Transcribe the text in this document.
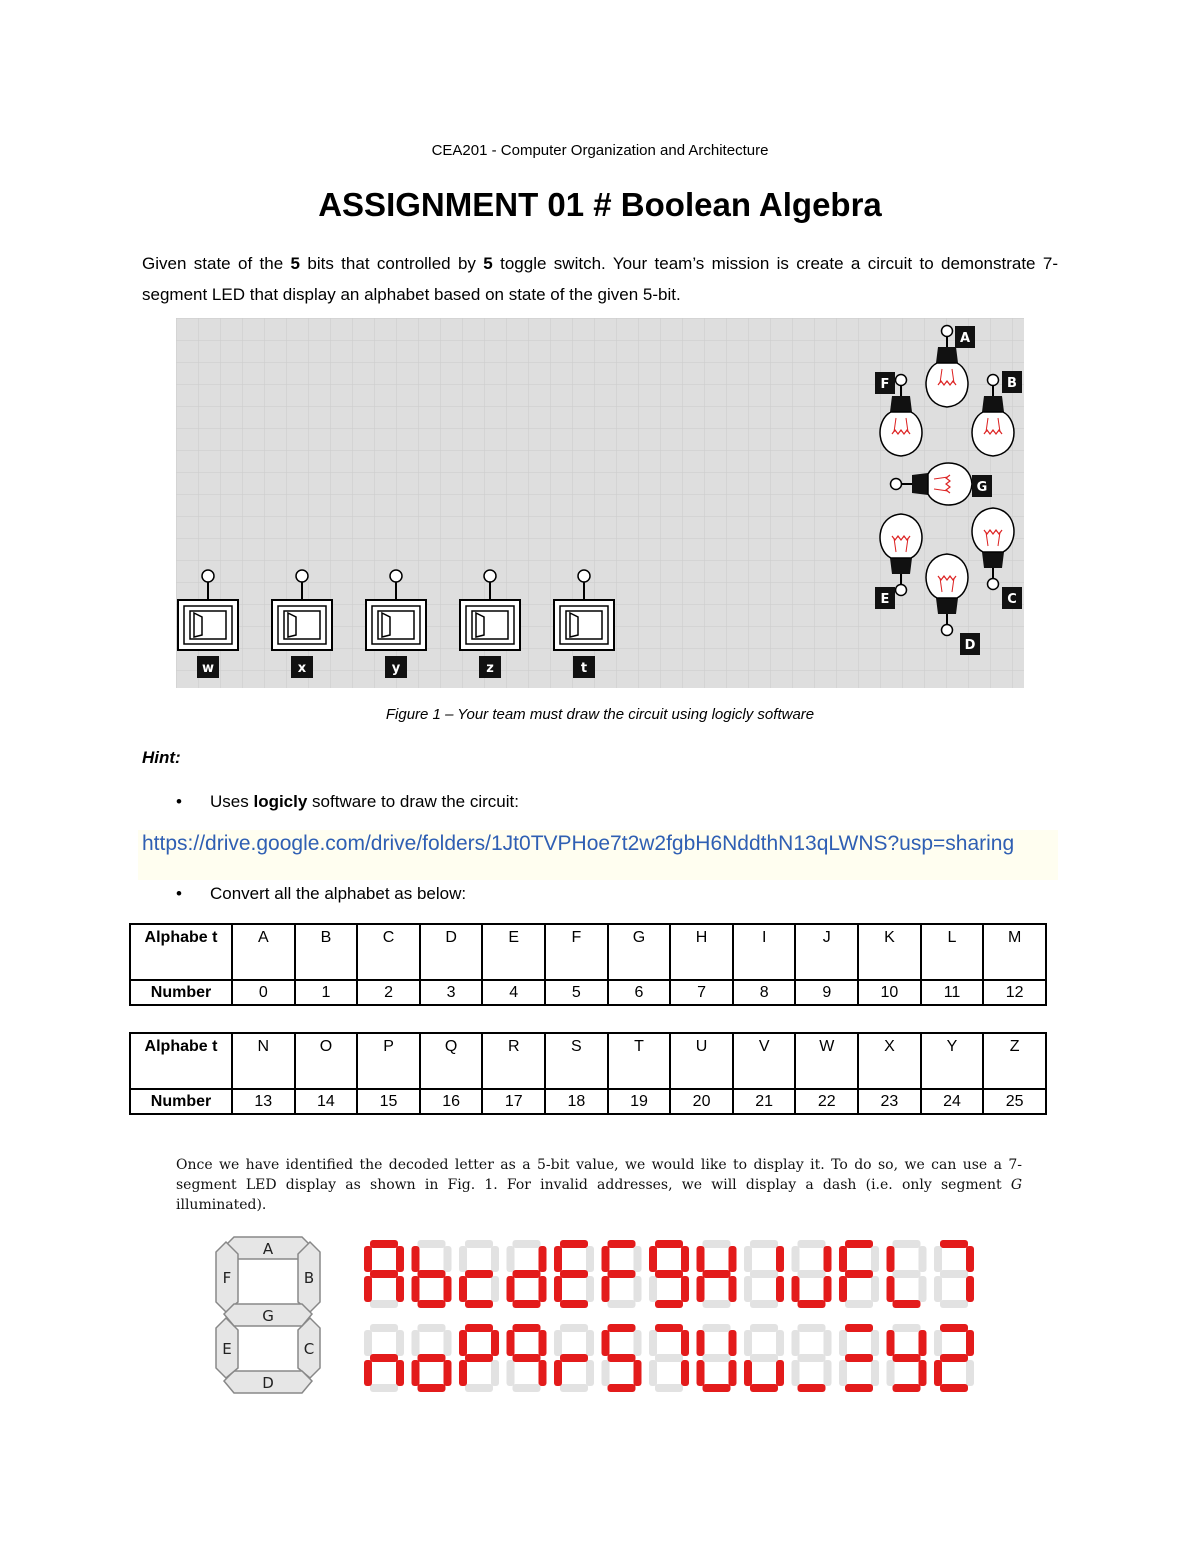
CEA201 - Computer Organization and Architecture
ASSIGNMENT 01 # Boolean Algebra
Given state of the 5 bits that controlled by 5 toggle switch. Your team’s mission is create a circuit to demonstrate 7-segment LED that display an alphabet based on state of the given 5-bit.
w	x	y	z	t
A
B
F
G
E	C
D
Figure 1 – Your team must draw the circuit using logicly software
Hint:
• Uses logicly software to draw the circuit:
https://drive.google.com/drive/folders/1Jt0TVPHoe7t2w2fgbH6NddthN13qLWNS?usp=sharing
• Convert all the alphabet as below:
Alphabe t	A	B	C	D	E	F	G	H	I	J	K	L	M
Number	0	1	2	3	4	5	6	7	8	9	10	11	12
Alphabe t	N	O	P	Q	R	S	T	U	V	W	X	Y	Z
Number	13	14	15	16	17	18	19	20	21	22	23	24	25
Once we have identified the decoded letter as a 5-bit value, we would like to display it. To do so, we can use a 7-segment LED display as shown in Fig. 1. For invalid addresses, we will display a dash (i.e. only segment G illuminated).
A
B
C
D
E
F
G
